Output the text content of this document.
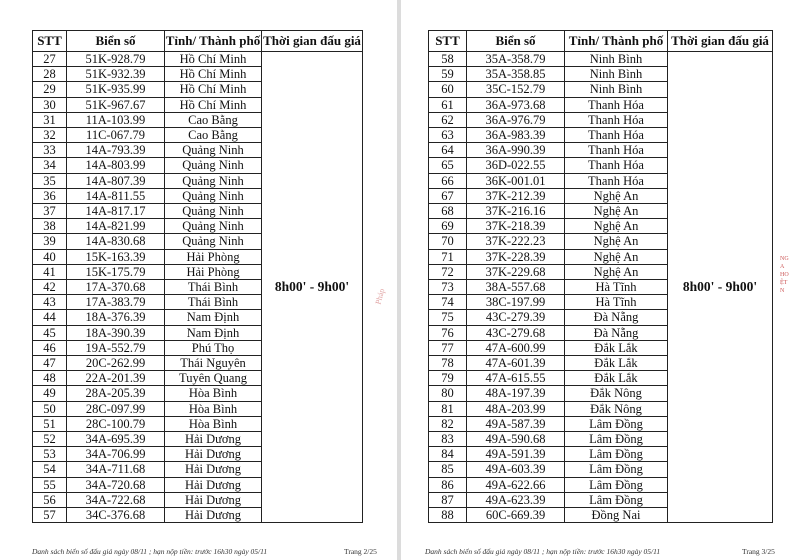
STT	Biển số	Tỉnh/ Thành phố	Thời gian đấu giá
27	51K-928.79	Hồ Chí Minh	8h00' - 9h00'
28	51K-932.39	Hồ Chí Minh	
29	51K-935.99	Hồ Chí Minh	
30	51K-967.67	Hồ Chí Minh	
31	11A-103.99	Cao Bằng	
32	11C-067.79	Cao Bằng	
33	14A-793.39	Quảng Ninh	
34	14A-803.99	Quảng Ninh	
35	14A-807.39	Quảng Ninh	
36	14A-811.55	Quảng Ninh	
37	14A-817.17	Quảng Ninh	
38	14A-821.99	Quảng Ninh	
39	14A-830.68	Quảng Ninh	
40	15K-163.39	Hải Phòng	
41	15K-175.79	Hải Phòng	
42	17A-370.68	Thái Bình	
43	17A-383.79	Thái Bình	
44	18A-376.39	Nam Định	
45	18A-390.39	Nam Định	
46	19A-552.79	Phú Thọ	
47	20C-262.99	Thái Nguyên	
48	22A-201.39	Tuyên Quang	
49	28A-205.39	Hòa Bình	
50	28C-097.99	Hòa Bình	
51	28C-100.79	Hòa Bình	
52	34A-695.39	Hải Dương	
53	34A-706.99	Hải Dương	
54	34A-711.68	Hải Dương	
55	34A-720.68	Hải Dương	
56	34A-722.68	Hải Dương	
57	34C-376.68	Hải Dương	
Pháp
Danh sách biển số đấu giá ngày 08/11 ; hạn nộp tiền: trước 16h30 ngày 05/11	Trang 2/25
STT	Biển số	Tỉnh/ Thành phố	Thời gian đấu giá
58	35A-358.79	Ninh Bình	8h00' - 9h00'
59	35A-358.85	Ninh Bình	
60	35C-152.79	Ninh Bình	
61	36A-973.68	Thanh Hóa	
62	36A-976.79	Thanh Hóa	
63	36A-983.39	Thanh Hóa	
64	36A-990.39	Thanh Hóa	
65	36D-022.55	Thanh Hóa	
66	36K-001.01	Thanh Hóa	
67	37K-212.39	Nghệ An	
68	37K-216.16	Nghệ An	
69	37K-218.39	Nghệ An	
70	37K-222.23	Nghệ An	
71	37K-228.39	Nghệ An	
72	37K-229.68	Nghệ An	
73	38A-557.68	Hà Tĩnh	
74	38C-197.99	Hà Tĩnh	
75	43C-279.39	Đà Nẵng	
76	43C-279.68	Đà Nẵng	
77	47A-600.99	Đắk Lắk	
78	47A-601.39	Đắk Lắk	
79	47A-615.55	Đắk Lắk	
80	48A-197.39	Đắk Nông	
81	48A-203.99	Đắk Nông	
82	49A-587.39	Lâm Đồng	
83	49A-590.68	Lâm Đồng	
84	49A-591.39	Lâm Đồng	
85	49A-603.39	Lâm Đồng	
86	49A-622.66	Lâm Đồng	
87	49A-623.39	Lâm Đồng	
88	60C-669.39	Đồng Nai	
NG A HO ỆT N
Danh sách biển số đấu giá ngày 08/11 ; hạn nộp tiền: trước 16h30 ngày 05/11	Trang 3/25
